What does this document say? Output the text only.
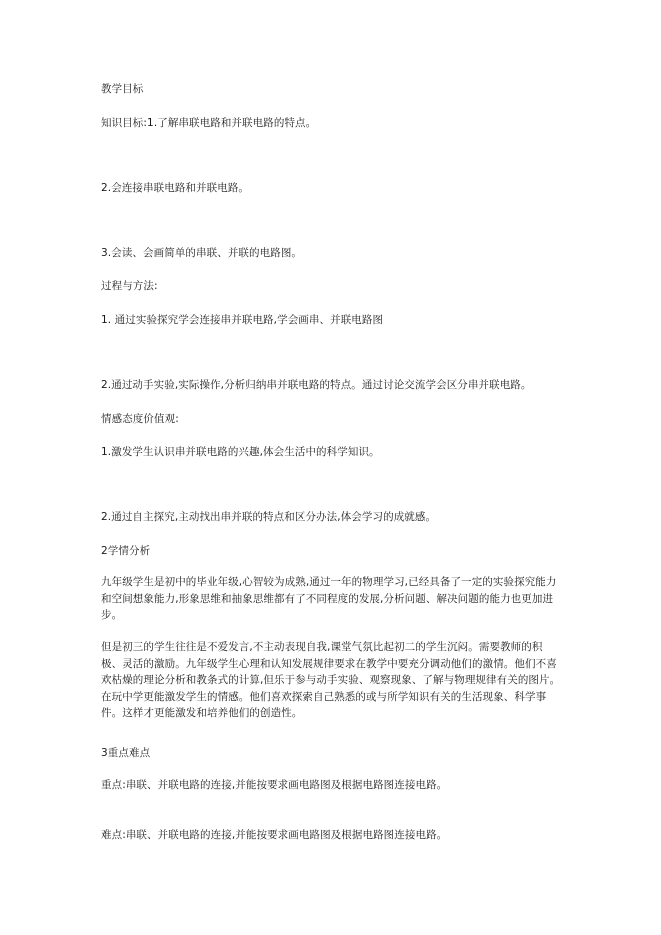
教学目标
知识目标:1.了解串联电路和并联电路的特点。
2.会连接串联电路和并联电路。
3.会读、会画简单的串联、并联的电路图。
过程与方法:
1. 通过实验探究学会连接串并联电路,学会画串、并联电路图
2.通过动手实验,实际操作,分析归纳串并联电路的特点。通过讨论交流学会区分串并联电路。
情感态度价值观:
1.激发学生认识串并联电路的兴趣,体会生活中的科学知识。
2.通过自主探究,主动找出串并联的特点和区分办法,体会学习的成就感。
2学情分析
九年级学生是初中的毕业年级,心智较为成熟,通过一年的物理学习,已经具备了一定的实验探究能力和空间想象能力,形象思维和抽象思维都有了不同程度的发展,分析问题、解决问题的能力也更加进步。
但是初三的学生往往是不爱发言,不主动表现自我,课堂气氛比起初二的学生沉闷。需要教师的积极、灵活的激励。九年级学生心理和认知发展规律要求在教学中要充分调动他们的激情。他们不喜欢枯燥的理论分析和教条式的计算,但乐于参与动手实验、观察现象、了解与物理规律有关的图片。在玩中学更能激发学生的情感。他们喜欢探索自己熟悉的或与所学知识有关的生活现象、科学事件。这样才更能激发和培养他们的创造性。
3重点难点
重点:串联、并联电路的连接,并能按要求画电路图及根据电路图连接电路。
难点:串联、并联电路的连接,并能按要求画电路图及根据电路图连接电路。
